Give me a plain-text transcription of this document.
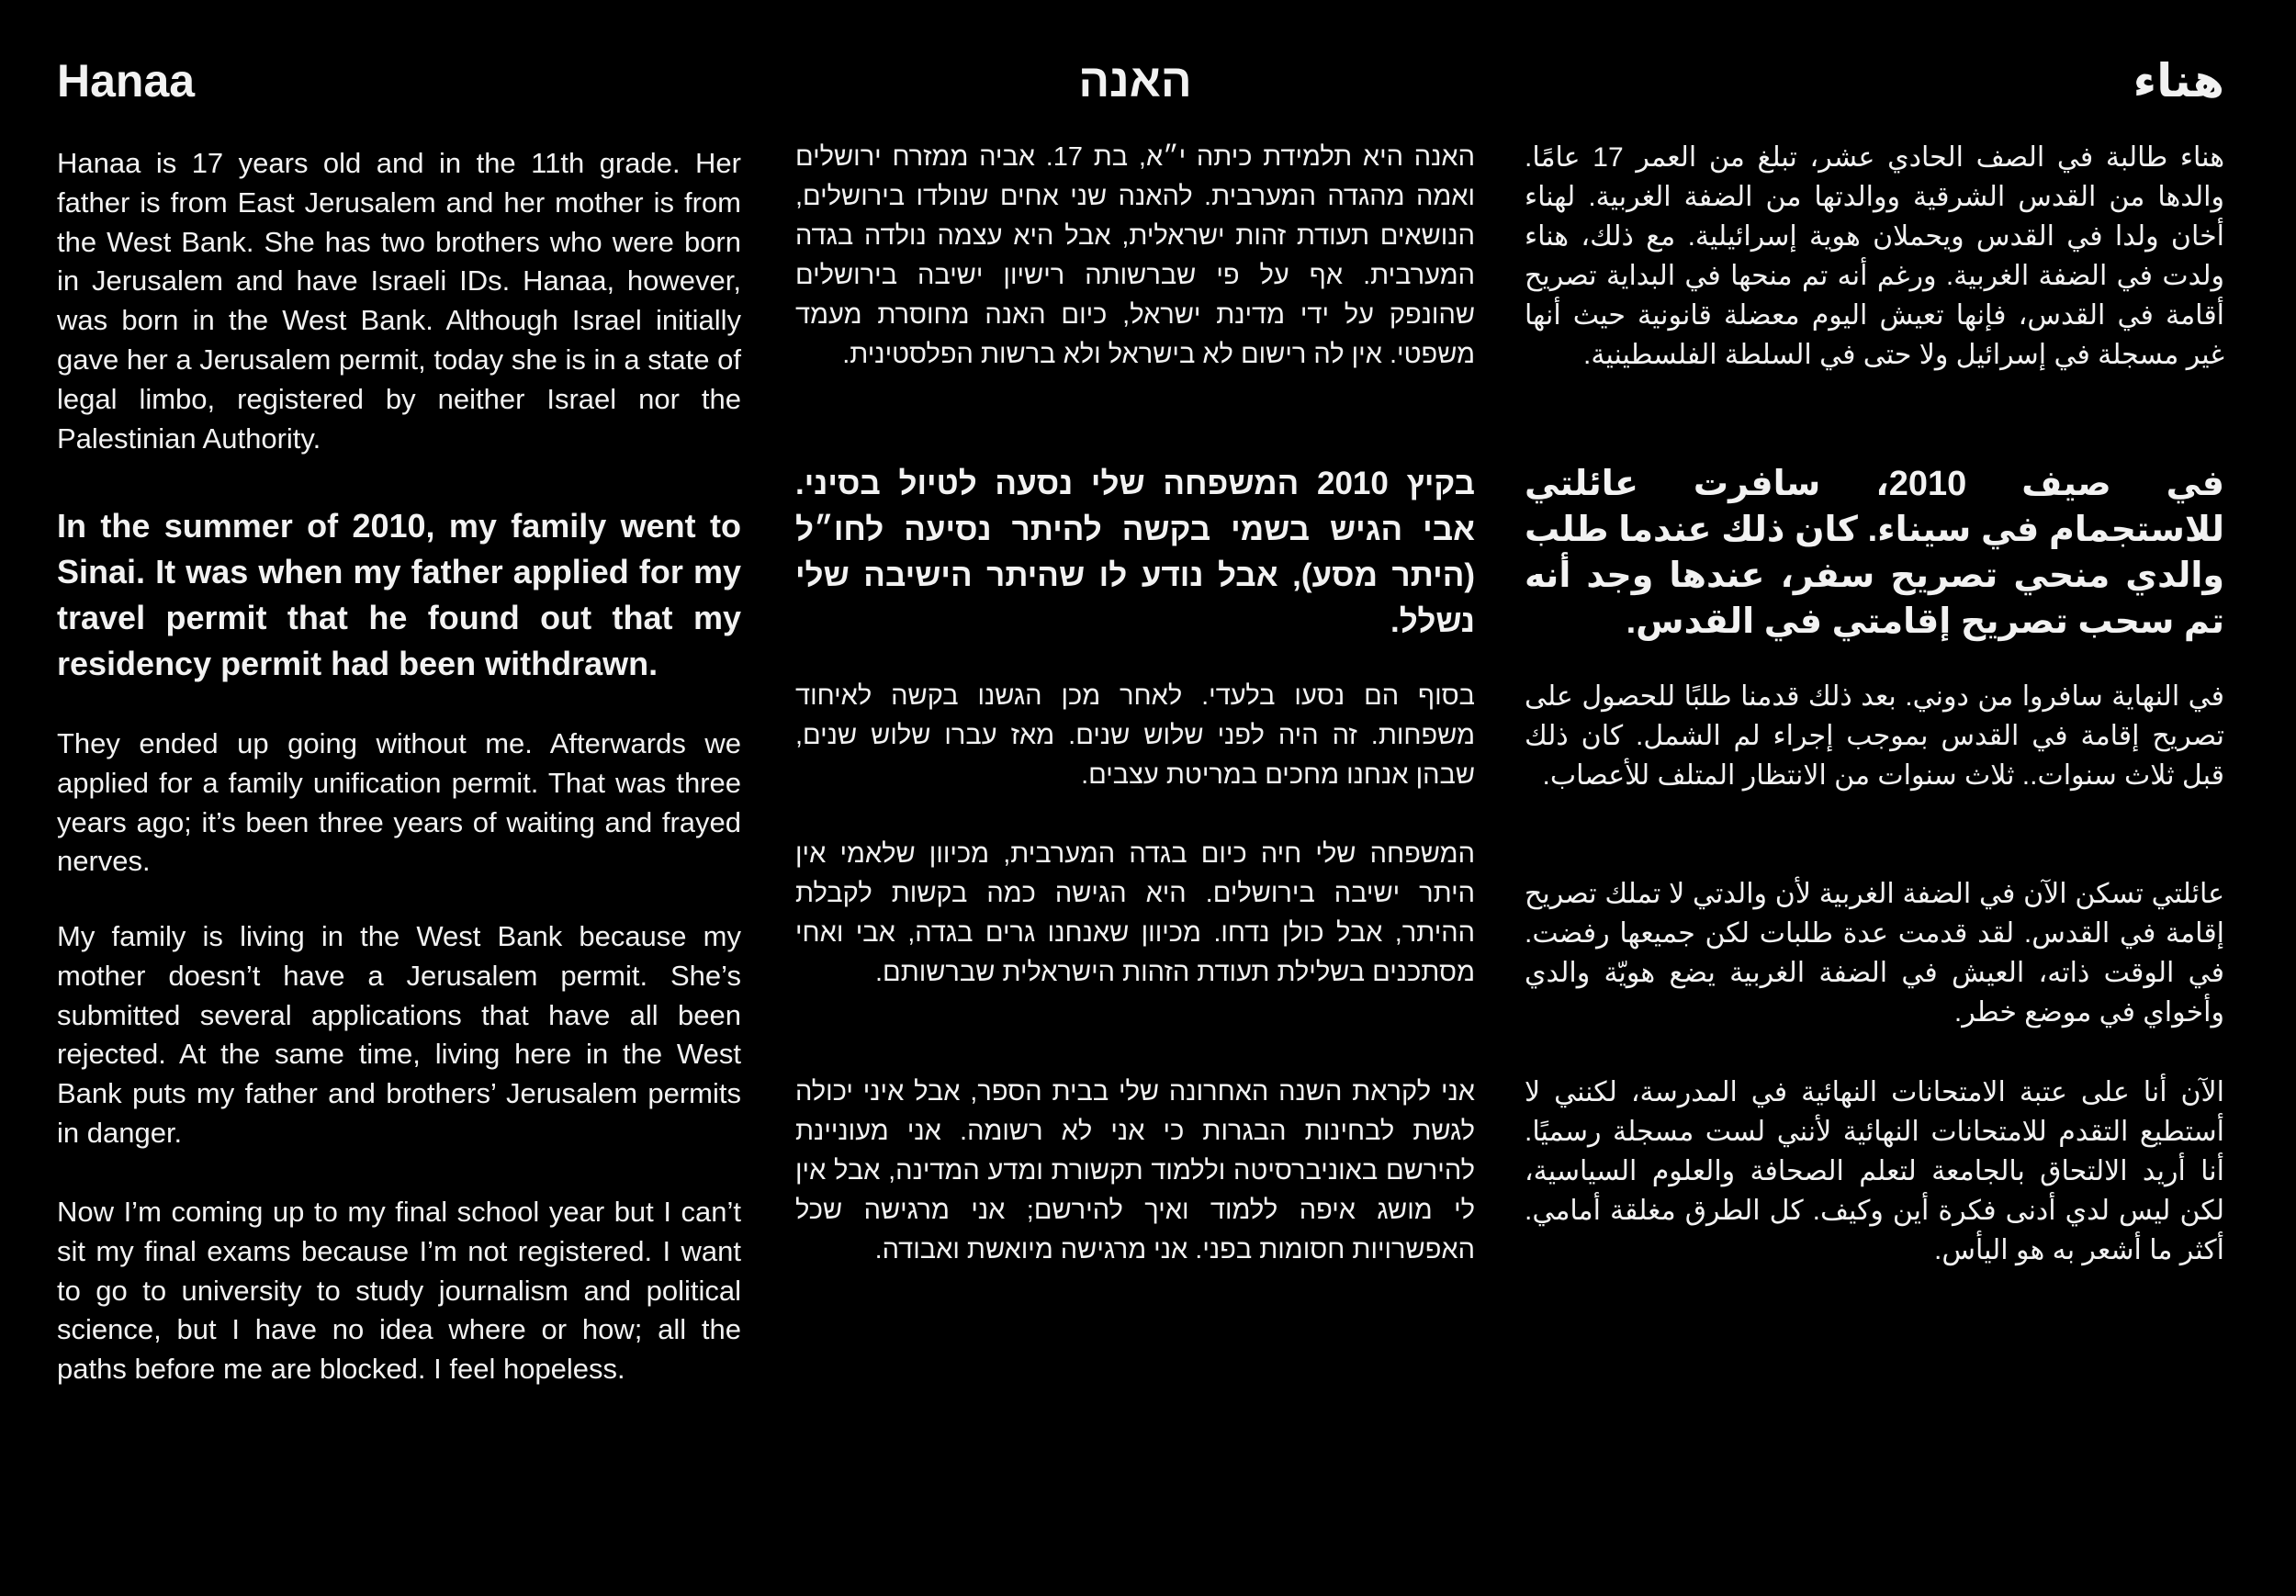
Hanaa

Hanaa is 17 years old and in the 11th grade. Her father is from East Jerusalem and her mother is from the West Bank. She has two brothers who were born in Jerusalem and have Israeli IDs. Hanaa, however, was born in the West Bank. Although Israel initially gave her a Jerusalem permit, today she is in a state of legal limbo, registered by neither Israel nor the Palestinian Authority.

In the summer of 2010, my family went to Sinai. It was when my father applied for my travel permit that he found out that my residency permit had been withdrawn.

They ended up going without me. Afterwards we applied for a family unification permit. That was three years ago; it’s been three years of waiting and frayed nerves.

My family is living in the West Bank because my mother doesn’t have a Jerusalem permit. She’s submitted several applications that have all been rejected. At the same time, living here in the West Bank puts my father and brothers’ Jerusalem permits in danger.

Now I’m coming up to my final school year but I can’t sit my final exams because I’m not registered. I want to go to university to study journalism and political science, but I have no idea where or how; all the paths before me are blocked. I feel hopeless.

האנה

האנה היא תלמידת כיתה י״א, בת 17. אביה ממזרח ירושלים ואמה מהגדה המערבית. להאנה שני אחים שנולדו בירושלים, הנושאים תעודת זהות ישראלית, אבל היא עצמה נולדה בגדה המערבית. אף על פי שברשותה רישיון ישיבה בירושלים שהונפק על ידי מדינת ישראל, כיום האנה מחוסרת מעמד משפטי. אין לה רישום לא בישראל ולא ברשות הפלסטינית.

בקיץ 2010 המשפחה שלי נסעה לטיול בסיני. אבי הגיש בשמי בקשה להיתר נסיעה לחו״ל (היתר מסע), אבל נודע לו שהיתר הישיבה שלי נשלל.

בסוף הם נסעו בלעדי. לאחר מכן הגשנו בקשה לאיחוד משפחות. זה היה לפני שלוש שנים. מאז עברו שלוש שנים, שבהן אנחנו מחכים במריטת עצבים.

המשפחה שלי חיה כיום בגדה המערבית, מכיוון שלאמי אין היתר ישיבה בירושלים. היא הגישה כמה בקשות לקבלת ההיתר, אבל כולן נדחו. מכיוון שאנחנו גרים בגדה, אבי ואחי מסתכנים בשלילת תעודת הזהות הישראלית שברשותם.

אני לקראת השנה האחרונה שלי בבית הספר, אבל איני יכולה לגשת לבחינות הבגרות כי אני לא רשומה. אני מעוניינת להירשם באוניברסיטה וללמוד תקשורת ומדע המדינה, אבל אין לי מושג איפה ללמוד ואיך להירשם; אני מרגישה שכל האפשרויות חסומות בפני. אני מרגישה מיואשת ואבודה.

هناء

هناء طالبة في الصف الحادي عشر، تبلغ من العمر 17 عامًا. والدها من القدس الشرقية ووالدتها من الضفة الغربية. لهناء أخان ولدا في القدس ويحملان هوية إسرائيلية. مع ذلك، هناء ولدت في الضفة الغربية. ورغم أنه تم منحها في البداية تصريح أقامة في القدس، فإنها تعيش اليوم معضلة قانونية حيث أنها غير مسجلة في إسرائيل ولا حتى في السلطة الفلسطينية.

في صيف 2010، سافرت عائلتي للاستجمام في سيناء. كان ذلك عندما طلب والدي منحي تصريح سفر، عندها وجد أنه تم سحب تصريح إقامتي في القدس.

في النهاية سافروا من دوني. بعد ذلك قدمنا طلبًا للحصول على تصريح إقامة في القدس بموجب إجراء لم الشمل. كان ذلك قبل ثلاث سنوات.. ثلاث سنوات من الانتظار المتلف للأعصاب.

عائلتي تسكن الآن في الضفة الغربية لأن والدتي لا تملك تصريح إقامة في القدس. لقد قدمت عدة طلبات لكن جميعها رفضت. في الوقت ذاته، العيش في الضفة الغربية يضع هويّة والدي وأخواي في موضع خطر.

الآن أنا على عتبة الامتحانات النهائية في المدرسة، لكنني لا أستطيع التقدم للامتحانات النهائية لأنني لست مسجلة رسميًا. أنا أريد الالتحاق بالجامعة لتعلم الصحافة والعلوم السياسية، لكن ليس لدي أدنى فكرة أين وكيف. كل الطرق مغلقة أمامي. أكثر ما أشعر به هو اليأس.
